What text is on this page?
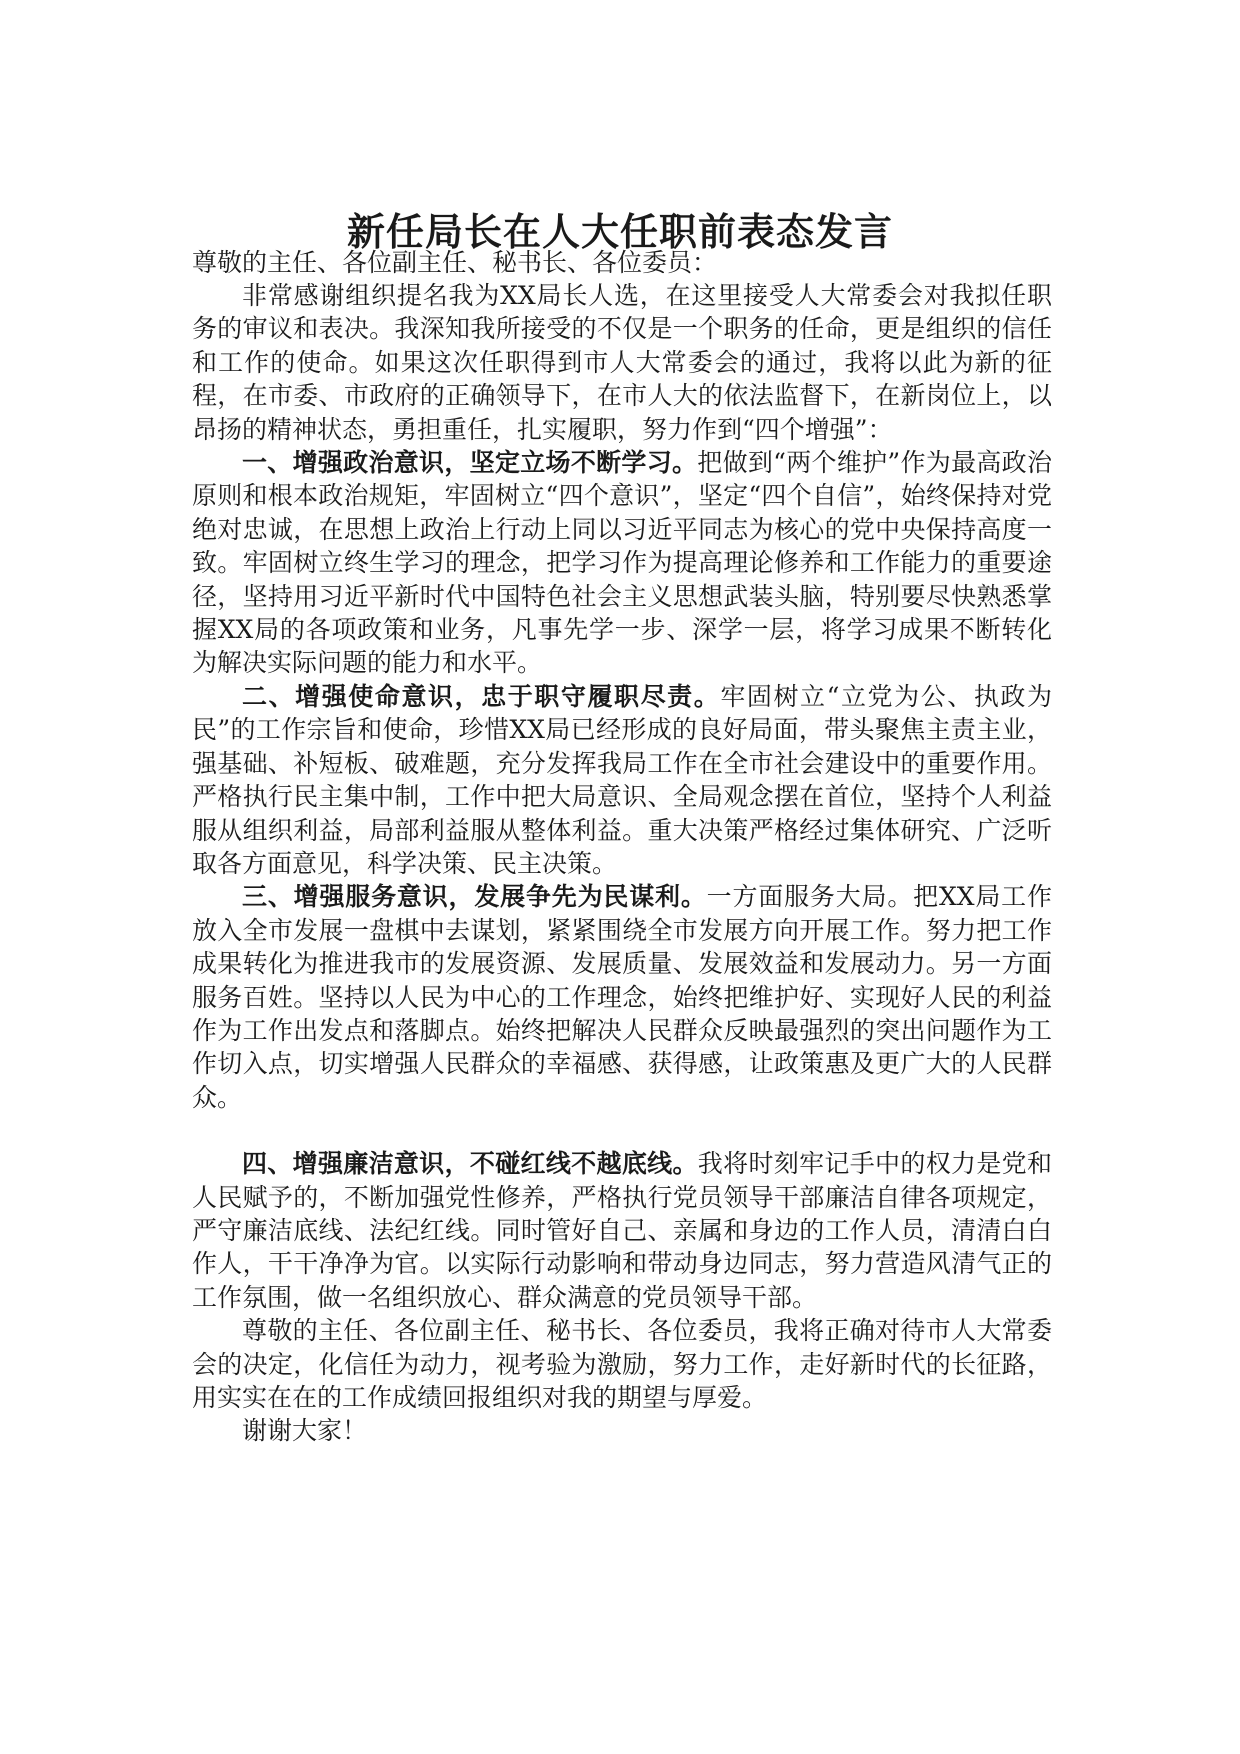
新任局长在人大任职前表态发言

尊敬的主任、各位副主任、秘书长、各位委员：

非常感谢组织提名我为XX局长人选，在这里接受人大常委会对我拟任职务的审议和表决。我深知我所接受的不仅是一个职务的任命，更是组织的信任和工作的使命。如果这次任职得到市人大常委会的通过，我将以此为新的征程，在市委、市政府的正确领导下，在市人大的依法监督下，在新岗位上，以昂扬的精神状态，勇担重任，扎实履职，努力作到“四个增强”：

一、增强政治意识，坚定立场不断学习。把做到“两个维护”作为最高政治原则和根本政治规矩，牢固树立“四个意识”，坚定“四个自信”，始终保持对党绝对忠诚，在思想上政治上行动上同以习近平同志为核心的党中央保持高度一致。牢固树立终生学习的理念，把学习作为提高理论修养和工作能力的重要途径，坚持用习近平新时代中国特色社会主义思想武装头脑，特别要尽快熟悉掌握XX局的各项政策和业务，凡事先学一步、深学一层，将学习成果不断转化为解决实际问题的能力和水平。

二、增强使命意识，忠于职守履职尽责。牢固树立“立党为公、执政为民”的工作宗旨和使命，珍惜XX局已经形成的良好局面，带头聚焦主责主业，强基础、补短板、破难题，充分发挥我局工作在全市社会建设中的重要作用。严格执行民主集中制，工作中把大局意识、全局观念摆在首位，坚持个人利益服从组织利益，局部利益服从整体利益。重大决策严格经过集体研究、广泛听取各方面意见，科学决策、民主决策。

三、增强服务意识，发展争先为民谋利。一方面服务大局。把XX局工作放入全市发展一盘棋中去谋划，紧紧围绕全市发展方向开展工作。努力把工作成果转化为推进我市的发展资源、发展质量、发展效益和发展动力。另一方面服务百姓。坚持以人民为中心的工作理念，始终把维护好、实现好人民的利益作为工作出发点和落脚点。始终把解决人民群众反映最强烈的突出问题作为工作切入点，切实增强人民群众的幸福感、获得感，让政策惠及更广大的人民群众。

四、增强廉洁意识，不碰红线不越底线。我将时刻牢记手中的权力是党和人民赋予的，不断加强党性修养，严格执行党员领导干部廉洁自律各项规定，严守廉洁底线、法纪红线。同时管好自己、亲属和身边的工作人员，清清白白作人，干干净净为官。以实际行动影响和带动身边同志，努力营造风清气正的工作氛围，做一名组织放心、群众满意的党员领导干部。

尊敬的主任、各位副主任、秘书长、各位委员，我将正确对待市人大常委会的决定，化信任为动力，视考验为激励，努力工作，走好新时代的长征路，用实实在在的工作成绩回报组织对我的期望与厚爱。

谢谢大家！
